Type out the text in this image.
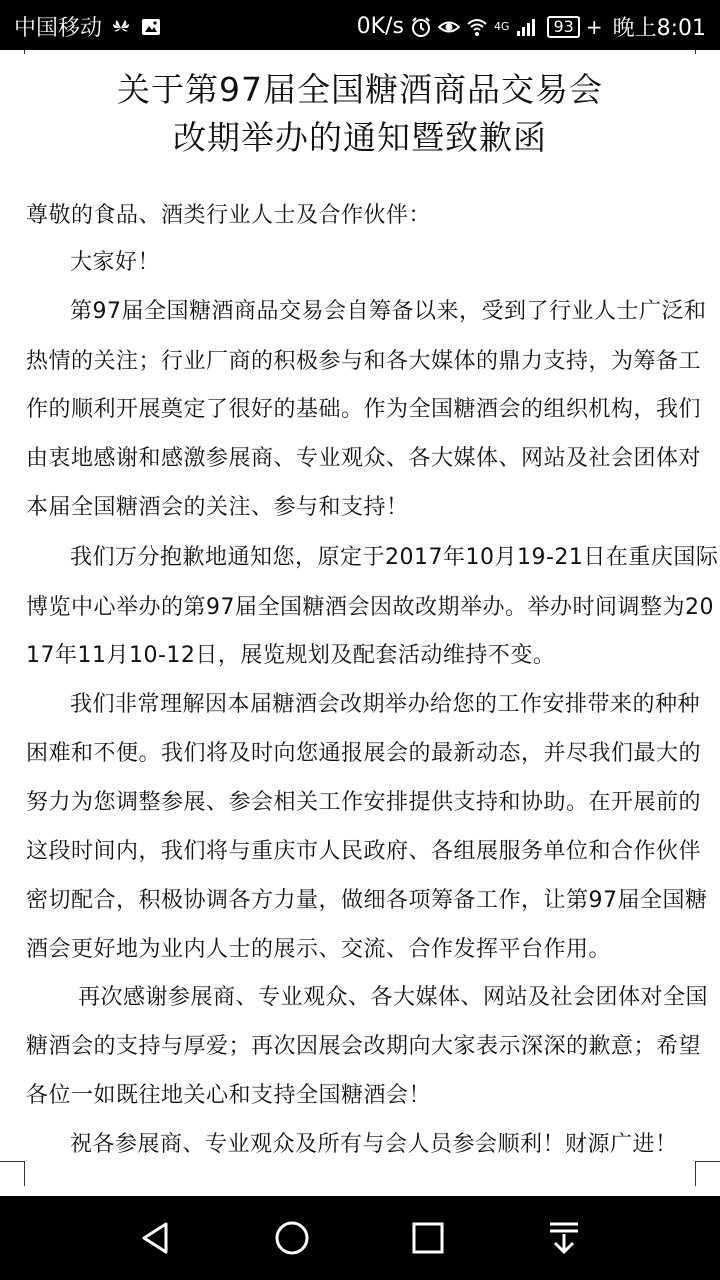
中国移动	0K/s	4G	93 + 晚上8:01
关于第97届全国糖酒商品交易会
改期举办的通知暨致歉函
尊敬的食品、酒类行业人士及合作伙伴：
大家好！
第97届全国糖酒商品交易会自筹备以来，受到了行业人士广泛和
热情的关注；行业厂商的积极参与和各大媒体的鼎力支持，为筹备工
作的顺利开展奠定了很好的基础。作为全国糖酒会的组织机构，我们
由衷地感谢和感激参展商、专业观众、各大媒体、网站及社会团体对
本届全国糖酒会的关注、参与和支持！
我们万分抱歉地通知您，原定于2017年10月19-21日在重庆国际
博览中心举办的第97届全国糖酒会因故改期举办。举办时间调整为20
17年11月10-12日，展览规划及配套活动维持不变。
我们非常理解因本届糖酒会改期举办给您的工作安排带来的种种
困难和不便。我们将及时向您通报展会的最新动态，并尽我们最大的
努力为您调整参展、参会相关工作安排提供支持和协助。在开展前的
这段时间内，我们将与重庆市人民政府、各组展服务单位和合作伙伴
密切配合，积极协调各方力量，做细各项筹备工作，让第97届全国糖
酒会更好地为业内人士的展示、交流、合作发挥平台作用。
再次感谢参展商、专业观众、各大媒体、网站及社会团体对全国
糖酒会的支持与厚爱；再次因展会改期向大家表示深深的歉意；希望
各位一如既往地关心和支持全国糖酒会！
祝各参展商、专业观众及所有与会人员参会顺利！财源广进！
